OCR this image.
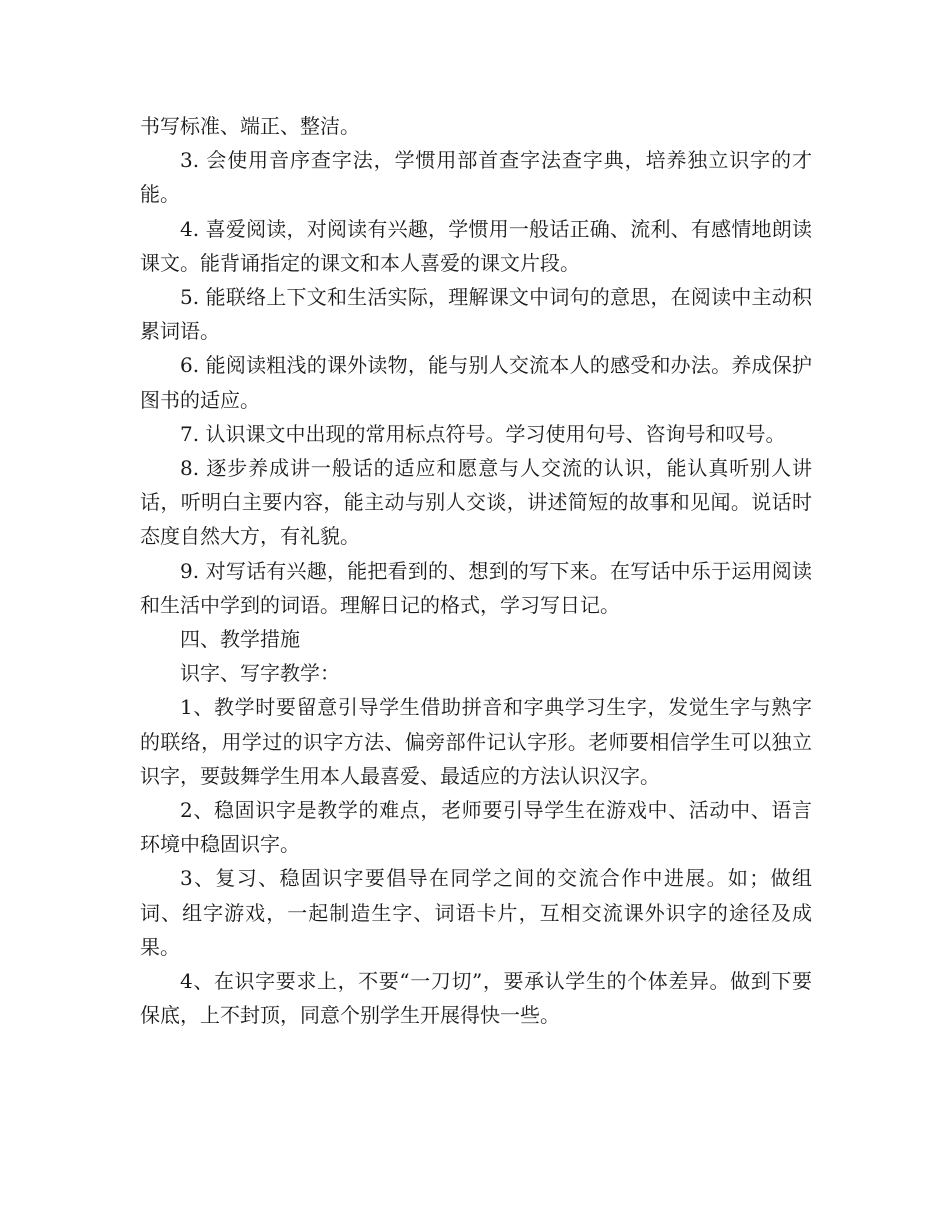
书写标准、端正、整洁。

3. 会使用音序查字法，学惯用部首查字法查字典，培养独立识字的才能。

4. 喜爱阅读，对阅读有兴趣，学惯用一般话正确、流利、有感情地朗读课文。能背诵指定的课文和本人喜爱的课文片段。

5. 能联络上下文和生活实际，理解课文中词句的意思，在阅读中主动积累词语。

6. 能阅读粗浅的课外读物，能与别人交流本人的感受和办法。养成保护图书的适应。

7. 认识课文中出现的常用标点符号。学习使用句号、咨询号和叹号。

8. 逐步养成讲一般话的适应和愿意与人交流的认识，能认真听别人讲话，听明白主要内容，能主动与别人交谈，讲述简短的故事和见闻。说话时态度自然大方，有礼貌。

9. 对写话有兴趣，能把看到的、想到的写下来。在写话中乐于运用阅读和生活中学到的词语。理解日记的格式，学习写日记。

四、教学措施

识字、写字教学：

1、教学时要留意引导学生借助拼音和字典学习生字，发觉生字与熟字的联络，用学过的识字方法、偏旁部件记认字形。老师要相信学生可以独立识字，要鼓舞学生用本人最喜爱、最适应的方法认识汉字。

2、稳固识字是教学的难点，老师要引导学生在游戏中、活动中、语言环境中稳固识字。

3、复习、稳固识字要倡导在同学之间的交流合作中进展。如；做组词、组字游戏，一起制造生字、词语卡片，互相交流课外识字的途径及成果。

4、在识字要求上，不要“一刀切”，要承认学生的个体差异。做到下要保底，上不封顶，同意个别学生开展得快一些。
